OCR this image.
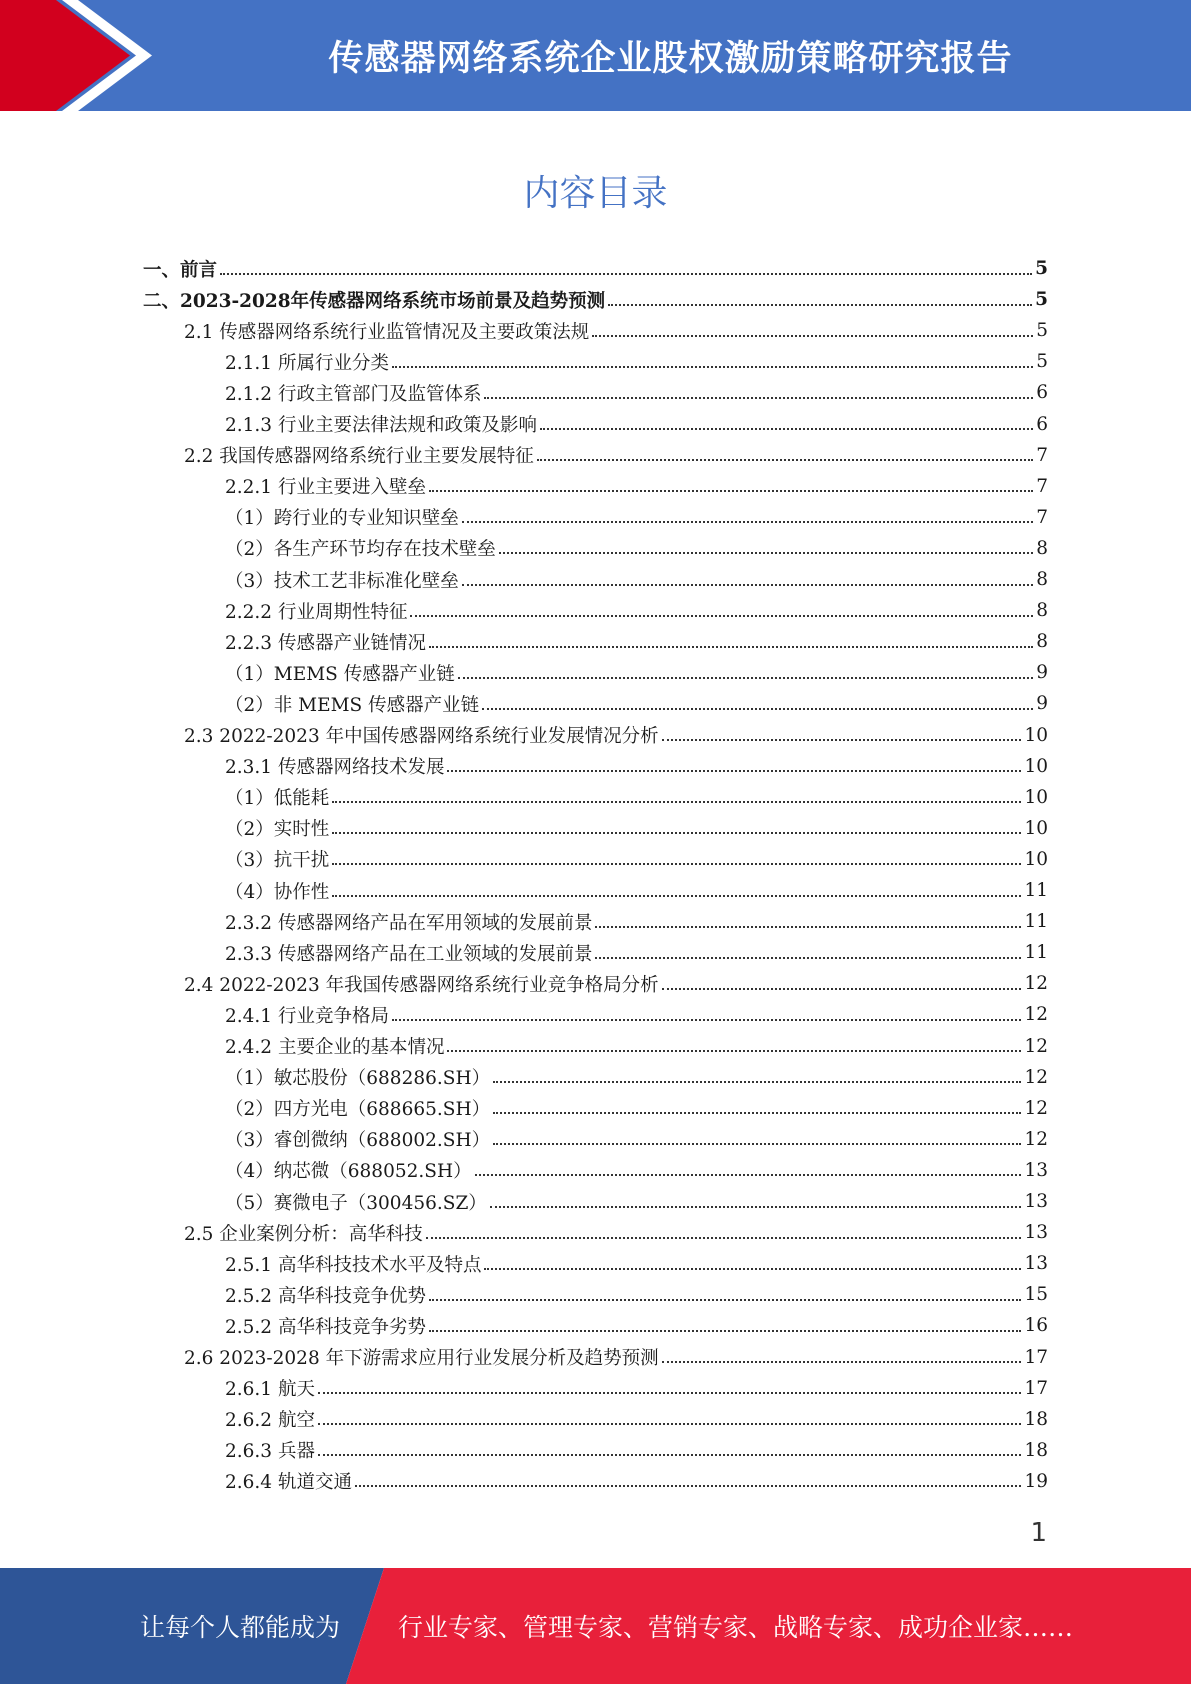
传感器网络系统企业股权激励策略研究报告
内容目录
一、前言	5
二、2023-2028年传感器网络系统市场前景及趋势预测	5
2.1 传感器网络系统行业监管情况及主要政策法规	5
2.1.1 所属行业分类	5
2.1.2 行政主管部门及监管体系	6
2.1.3 行业主要法律法规和政策及影响	6
2.2 我国传感器网络系统行业主要发展特征	7
2.2.1 行业主要进入壁垒	7
（1）跨行业的专业知识壁垒	7
（2）各生产环节均存在技术壁垒	8
（3）技术工艺非标准化壁垒	8
2.2.2 行业周期性特征	8
2.2.3 传感器产业链情况	8
（1）MEMS 传感器产业链	9
（2）非 MEMS 传感器产业链	9
2.3 2022-2023 年中国传感器网络系统行业发展情况分析	10
2.3.1 传感器网络技术发展	10
（1）低能耗	10
（2）实时性	10
（3）抗干扰	10
（4）协作性	11
2.3.2 传感器网络产品在军用领域的发展前景	11
2.3.3 传感器网络产品在工业领域的发展前景	11
2.4 2022-2023 年我国传感器网络系统行业竞争格局分析	12
2.4.1 行业竞争格局	12
2.4.2 主要企业的基本情况	12
（1）敏芯股份（688286.SH）	12
（2）四方光电（688665.SH）	12
（3）睿创微纳（688002.SH）	12
（4）纳芯微（688052.SH）	13
（5）赛微电子（300456.SZ）	13
2.5 企业案例分析：高华科技	13
2.5.1 高华科技技术水平及特点	13
2.5.2 高华科技竞争优势	15
2.5.2 高华科技竞争劣势	16
2.6 2023-2028 年下游需求应用行业发展分析及趋势预测	17
2.6.1 航天	17
2.6.2 航空	18
2.6.3 兵器	18
2.6.4 轨道交通	19
1
让每个人都能成为 行业专家、管理专家、营销专家、战略专家、成功企业家……
